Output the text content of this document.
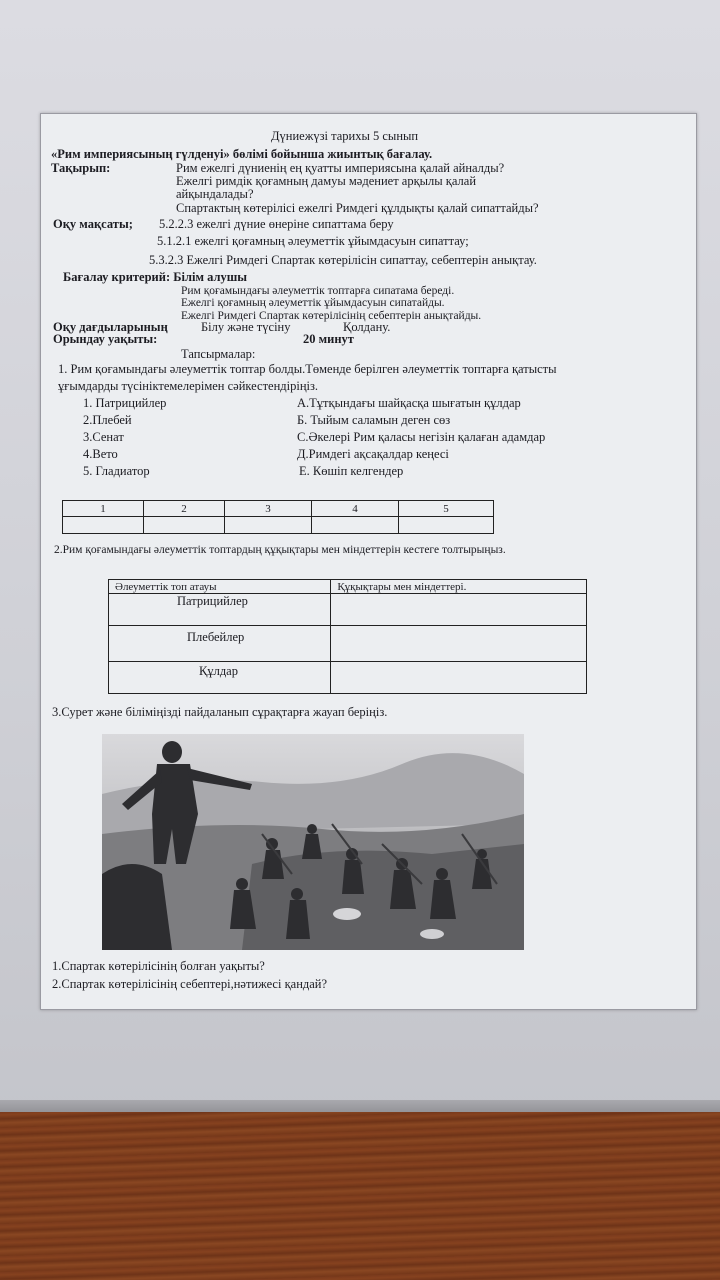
Дүниежүзі тарихы 5 сынып
«Рим империясының гүлденуі» бөлімі бойынша жиынтық бағалау.
Тақырып:	Рим ежелгі дүниенің ең қуатты империясына қалай айналды?
Ежелгі римдік қоғамның дамуы мәдениет арқылы қалай
айқындалады?
Спартактың көтерілісі ежелгі Римдегі құлдықты қалай сипаттайды?
Оқу мақсаты; 5.2.2.3 ежелгі дүние өнеріне сипаттама беру
5.1.2.1 ежелгі қоғамның әлеуметтік ұйымдасуын сипаттау;
5.3.2.3 Ежелгі Римдегі Спартак көтерілісін сипаттау, себептерін анықтау.
Бағалау критерий: Білім алушы
Рим қоғамындағы әлеуметтік топтарға сипатама береді.
Ежелгі қоғамның әлеуметтік ұйымдасуын сипатайды.
Ежелгі Римдегі Спартак көтерілісінің себептерін анықтайды.
Оқу дағдыларының	Білу және түсіну	Қолдану.
Орындау уақыты:	20 минут
Тапсырмалар:
1. Рим қоғамындағы әлеуметтік топтар болды.Төменде берілген әлеуметтік топтарға қатысты
ұғымдарды түсініктемелерімен сәйкестендіріңіз.
1. Патрицийлер
2.Плебей
3.Сенат
4.Вето
5. Гладиатор
А.Тұтқындағы шайқасқа шығатын құлдар
Б. Тыйым саламын деген сөз
С.Әкелері Рим қаласы негізін қалаған адамдар
Д.Римдегі ақсақалдар кеңесі
Е. Көшіп келгендер
1	2	3	4	5

2.Рим қоғамындағы әлеуметтік топтардың құқықтары мен міндеттерін кестеге толтырыңыз.
Әлеуметтік топ атауы	Құқықтары мен міндеттері.
Патрицийлер	
Плебейлер	
Құлдар	
3.Сурет және біліміңізді пайдаланып сұрақтарға жауап беріңіз.
1.Спартак көтерілісінің болған уақыты?
2.Спартак көтерілісінің себептері,нәтижесі қандай?
